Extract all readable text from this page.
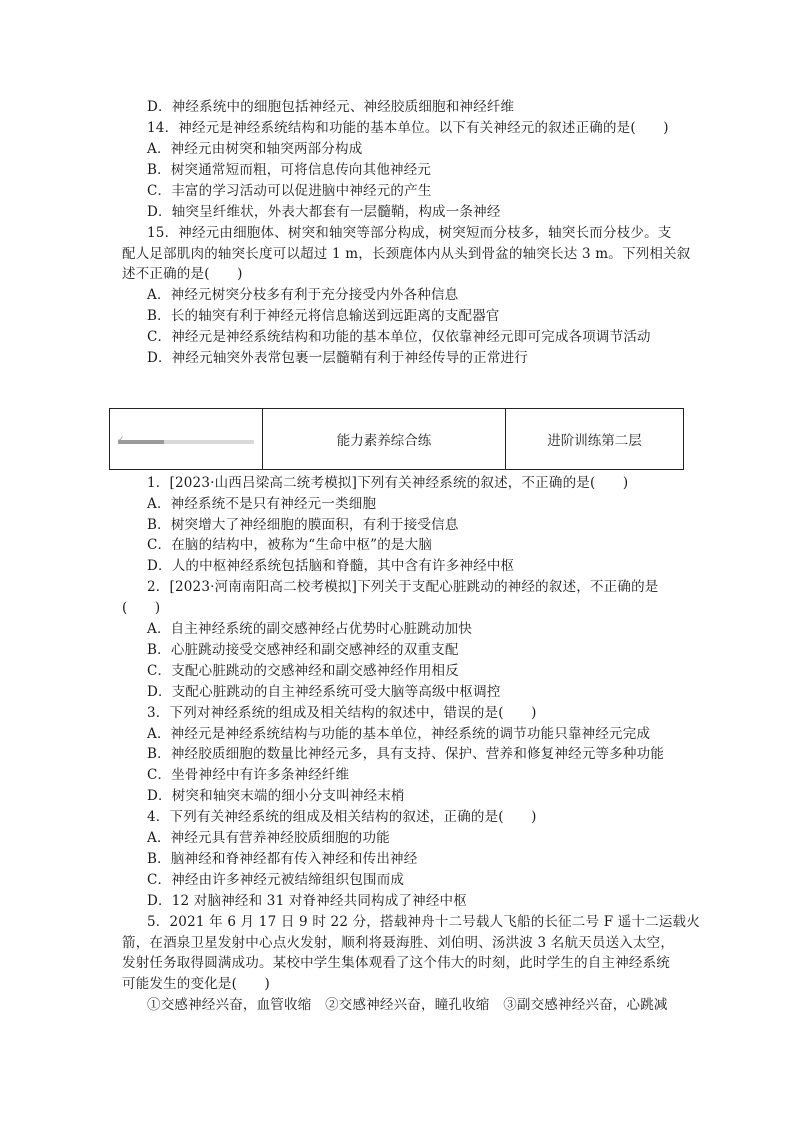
D．神经系统中的细胞包括神经元、神经胶质细胞和神经纤维
14．神经元是神经系统结构和功能的基本单位。以下有关神经元的叙述正确的是(　　)
A．神经元由树突和轴突两部分构成
B．树突通常短而粗，可将信息传向其他神经元
C．丰富的学习活动可以促进脑中神经元的产生
D．轴突呈纤维状，外表大都套有一层髓鞘，构成一条神经
15．神经元由细胞体、树突和轴突等部分构成，树突短而分枝多，轴突长而分枝少。支
配人足部肌肉的轴突长度可以超过 1 m，长颈鹿体内从头到骨盆的轴突长达 3 m。下列相关叙
述不正确的是(　　)
A．神经元树突分枝多有利于充分接受内外各种信息
B．长的轴突有利于神经元将信息输送到远距离的支配器官
C．神经元是神经系统结构和功能的基本单位，仅依靠神经元即可完成各项调节活动
D．神经元轴突外表常包裹一层髓鞘有利于神经传导的正常进行
能力素养综合练	进阶训练第二层
1．[2023·山西吕梁高二统考模拟]下列有关神经系统的叙述，不正确的是(　　)
A．神经系统不是只有神经元一类细胞
B．树突增大了神经细胞的膜面积，有利于接受信息
C．在脑的结构中，被称为“生命中枢”的是大脑
D．人的中枢神经系统包括脑和脊髓，其中含有许多神经中枢
2．[2023·河南南阳高二校考模拟]下列关于支配心脏跳动的神经的叙述，不正确的是
(　　)
A．自主神经系统的副交感神经占优势时心脏跳动加快
B．心脏跳动接受交感神经和副交感神经的双重支配
C．支配心脏跳动的交感神经和副交感神经作用相反
D．支配心脏跳动的自主神经系统可受大脑等高级中枢调控
3．下列对神经系统的组成及相关结构的叙述中，错误的是(　　)
A．神经元是神经系统结构与功能的基本单位，神经系统的调节功能只靠神经元完成
B．神经胶质细胞的数量比神经元多，具有支持、保护、营养和修复神经元等多种功能
C．坐骨神经中有许多条神经纤维
D．树突和轴突末端的细小分支叫神经末梢
4．下列有关神经系统的组成及相关结构的叙述，正确的是(　　)
A．神经元具有营养神经胶质细胞的功能
B．脑神经和脊神经都有传入神经和传出神经
C．神经由许多神经元被结缔组织包围而成
D．12 对脑神经和 31 对脊神经共同构成了神经中枢
5．2021 年 6 月 17 日 9 时 22 分，搭载神舟十二号载人飞船的长征二号 F 遥十二运载火
箭，在酒泉卫星发射中心点火发射，顺利将聂海胜、刘伯明、汤洪波 3 名航天员送入太空，
发射任务取得圆满成功。某校中学生集体观看了这个伟大的时刻，此时学生的自主神经系统
可能发生的变化是(　　)
①交感神经兴奋，血管收缩　②交感神经兴奋，瞳孔收缩　③副交感神经兴奋，心跳减
